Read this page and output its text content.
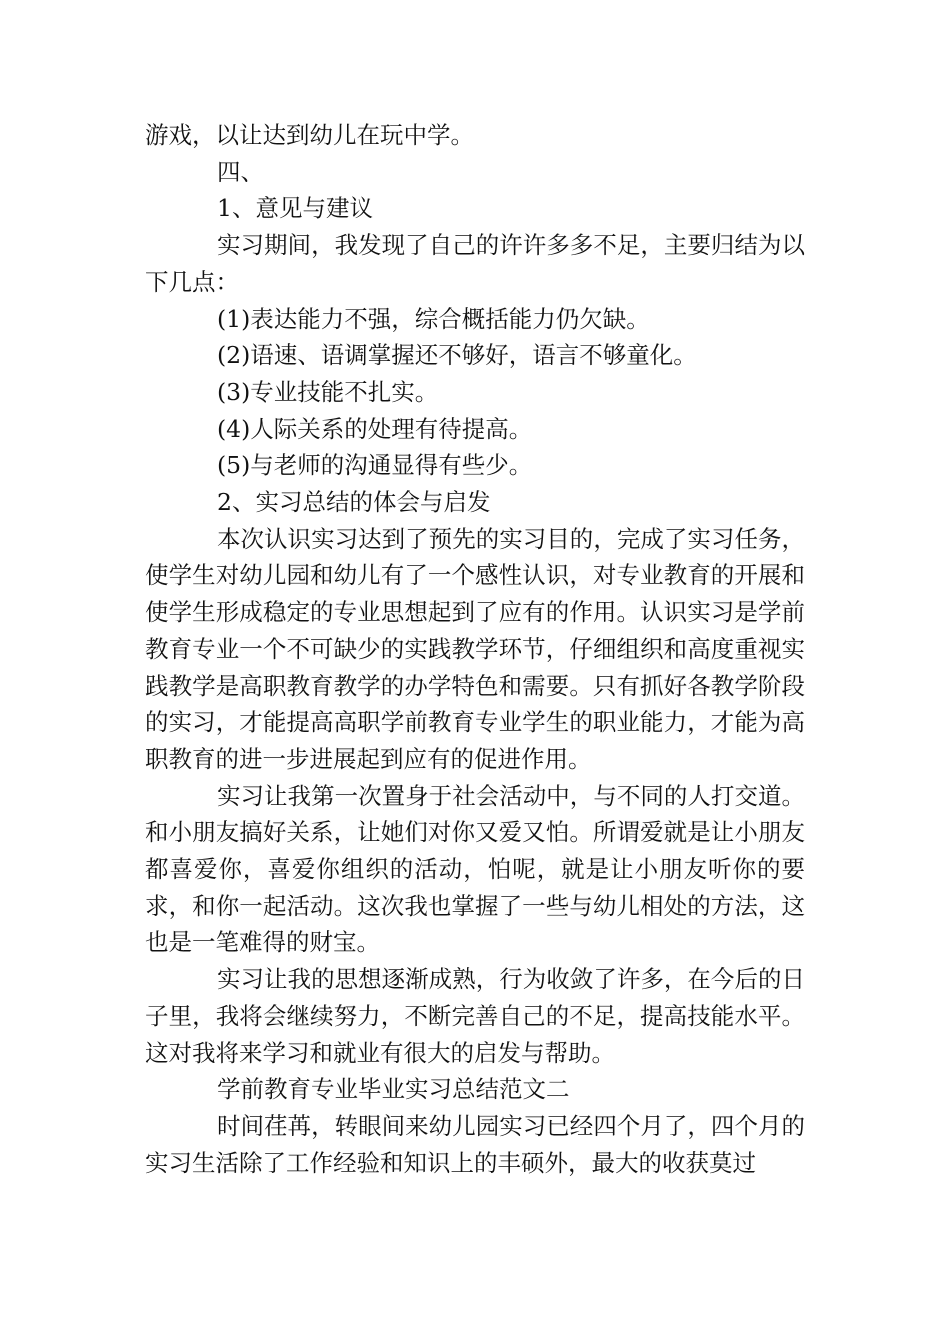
游戏，以让达到幼儿在玩中学。

四、

1、意见与建议

实习期间，我发现了自己的许许多多不足，主要归结为以下几点：

(1)表达能力不强，综合概括能力仍欠缺。

(2)语速、语调掌握还不够好，语言不够童化。

(3)专业技能不扎实。

(4)人际关系的处理有待提高。

(5)与老师的沟通显得有些少。

2、实习总结的体会与启发

本次认识实习达到了预先的实习目的，完成了实习任务，使学生对幼儿园和幼儿有了一个感性认识，对专业教育的开展和使学生形成稳定的专业思想起到了应有的作用。认识实习是学前教育专业一个不可缺少的实践教学环节，仔细组织和高度重视实践教学是高职教育教学的办学特色和需要。只有抓好各教学阶段的实习，才能提高高职学前教育专业学生的职业能力，才能为高职教育的进一步进展起到应有的促进作用。

实习让我第一次置身于社会活动中，与不同的人打交道。和小朋友搞好关系，让她们对你又爱又怕。所谓爱就是让小朋友都喜爱你，喜爱你组织的活动，怕呢，就是让小朋友听你的要求，和你一起活动。这次我也掌握了一些与幼儿相处的方法，这也是一笔难得的财宝。

实习让我的思想逐渐成熟，行为收敛了许多，在今后的日子里，我将会继续努力，不断完善自己的不足，提高技能水平。这对我将来学习和就业有很大的启发与帮助。

学前教育专业毕业实习总结范文二

时间荏苒，转眼间来幼儿园实习已经四个月了，四个月的实习生活除了工作经验和知识上的丰硕外，最大的收获莫过
